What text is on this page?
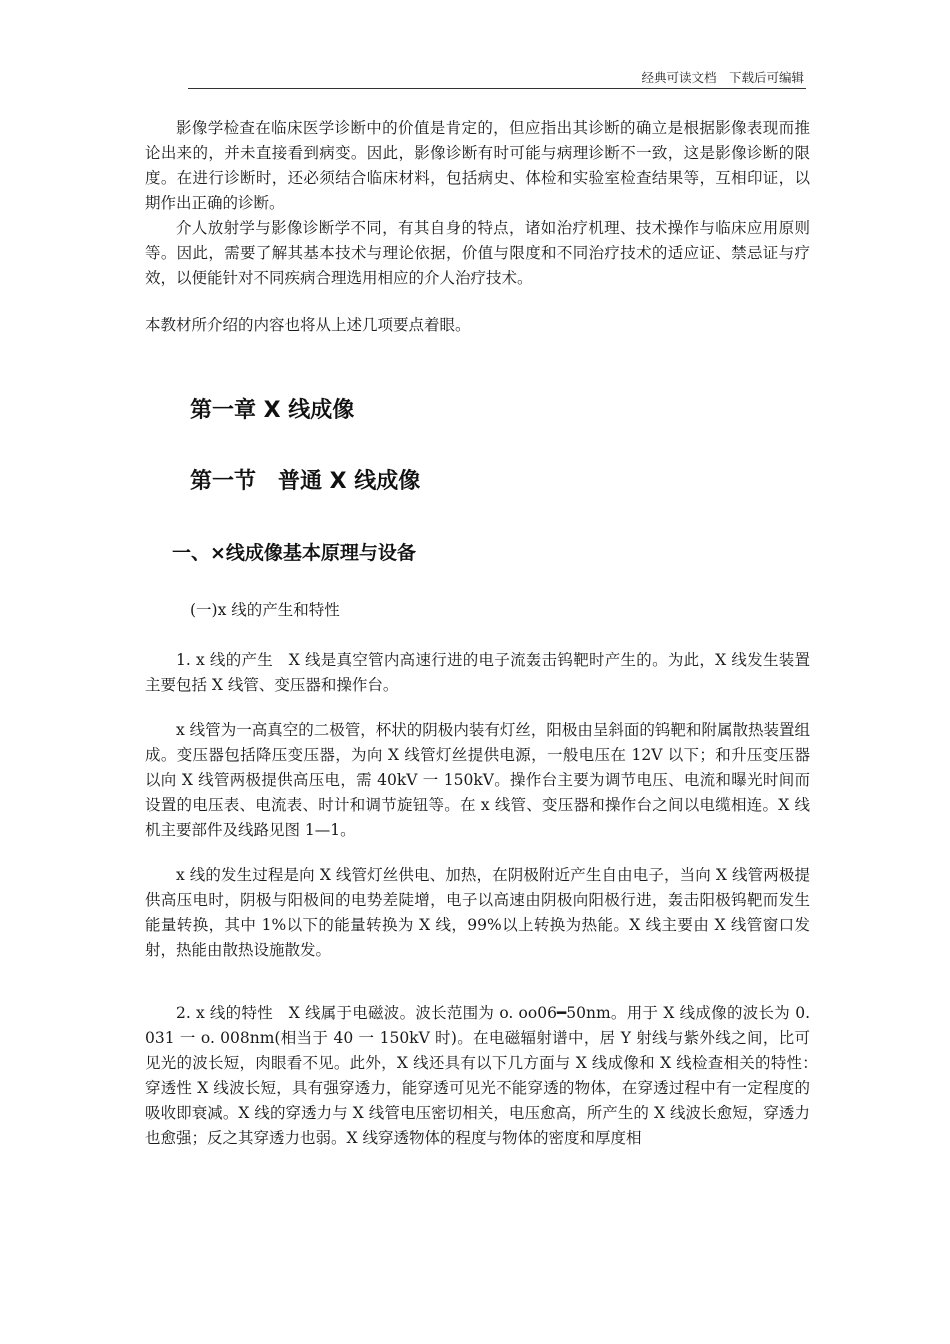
经典可读文档　下载后可编辑

影像学检查在临床医学诊断中的价值是肯定的，但应指出其诊断的确立是根据影像表现而推论出来的，并未直接看到病变。因此，影像诊断有时可能与病理诊断不一致，这是影像诊断的限度。在进行诊断时，还必须结合临床材料，包括病史、体检和实验室检查结果等，互相印证，以期作出正确的诊断。

介人放射学与影像诊断学不同，有其自身的特点，诸如治疗机理、技术操作与临床应用原则等。因此，需要了解其基本技术与理论依据，价值与限度和不同治疗技术的适应证、禁忌证与疗效，以便能针对不同疾病合理选用相应的介人治疗技术。

本教材所介绍的内容也将从上述几项要点着眼。

第一章 X 线成像
第一节　普通 X 线成像
一、×线成像基本原理与设备
(一)x 线的产生和特性

1. x 线的产生　X 线是真空管内高速行进的电子流轰击钨靶时产生的。为此，X 线发生装置主要包括 X 线管、变压器和操作台。

x 线管为一高真空的二极管，杯状的阴极内装有灯丝，阳极由呈斜面的钨靶和附属散热装置组成。变压器包括降压变压器，为向 X 线管灯丝提供电源，一般电压在 12V 以下；和升压变压器以向 X 线管两极提供高压电，需 40kV 一 150kV。操作台主要为调节电压、电流和曝光时间而设置的电压表、电流表、时计和调节旋钮等。在 x 线管、变压器和操作台之间以电缆相连。X 线机主要部件及线路见图 1—1。

x 线的发生过程是向 X 线管灯丝供电、加热，在阴极附近产生自由电子，当向 X 线管两极提供高压电时，阴极与阳极间的电势差陡增，电子以高速由阴极向阳极行进，轰击阳极钨靶而发生能量转换，其中 1%以下的能量转换为 X 线，99%以上转换为热能。X 线主要由 X 线管窗口发射，热能由散热设施散发。

2. x 线的特性　X 线属于电磁波。波长范围为 o. oo06━50nm。用于 X 线成像的波长为 0. 031 一 o. 008nm(相当于 40 一 150kV 时)。在电磁辐射谱中，居 Y 射线与紫外线之间，比可见光的波长短，肉眼看不见。此外，X 线还具有以下几方面与 X 线成像和 X 线检查相关的特性：　穿透性 X 线波长短，具有强穿透力，能穿透可见光不能穿透的物体，在穿透过程中有一定程度的吸收即衰减。X 线的穿透力与 X 线管电压密切相关，电压愈高，所产生的 X 线波长愈短，穿透力也愈强；反之其穿透力也弱。X 线穿透物体的程度与物体的密度和厚度相
